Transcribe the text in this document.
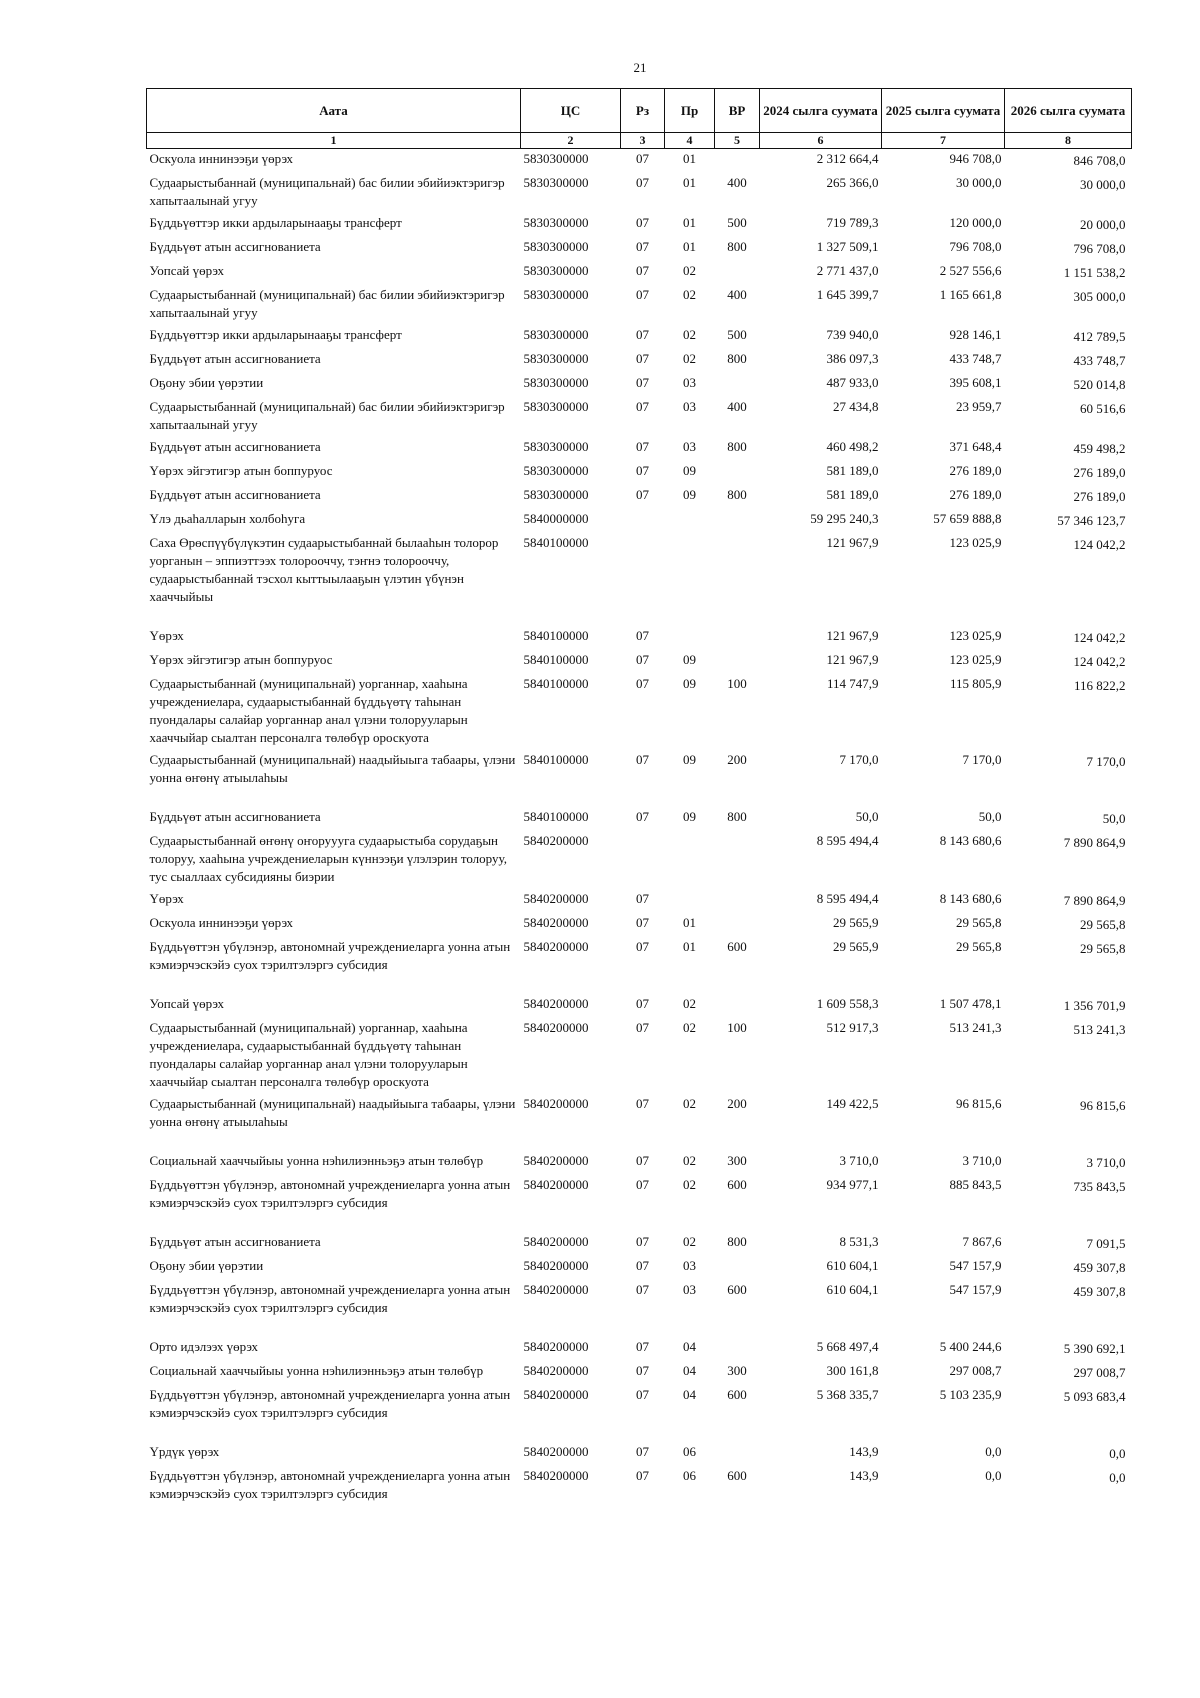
21
Аата	ЦС	Рз	Пр	ВР	2024 сылга суумата	2025 сылга суумата	2026 сылга суумата
1	2	3	4	5	6	7	8
Оскуола иннинээҕи үөрэх	5830300000	07	01		2 312 664,4	946 708,0	846 708,0
Судаарыстыбаннай (муниципальнай) бас билии эбийиэктэригэр хапытаалынай угуу	5830300000	07	01	400	265 366,0	30 000,0	30 000,0
Бүддьүөттэр икки ардыларынааҕы трансферт	5830300000	07	01	500	719 789,3	120 000,0	20 000,0
Бүддьүөт атын ассигнованиета	5830300000	07	01	800	1 327 509,1	796 708,0	796 708,0
Уопсай үөрэх	5830300000	07	02		2 771 437,0	2 527 556,6	1 151 538,2
Судаарыстыбаннай (муниципальнай) бас билии эбийиэктэригэр хапытаалынай угуу	5830300000	07	02	400	1 645 399,7	1 165 661,8	305 000,0
Бүддьүөттэр икки ардыларынааҕы трансферт	5830300000	07	02	500	739 940,0	928 146,1	412 789,5
Бүддьүөт атын ассигнованиета	5830300000	07	02	800	386 097,3	433 748,7	433 748,7
Оҕону эбии үөрэтии	5830300000	07	03		487 933,0	395 608,1	520 014,8
Судаарыстыбаннай (муниципальнай) бас билии эбийиэктэригэр хапытаалынай угуу	5830300000	07	03	400	27 434,8	23 959,7	60 516,6
Бүддьүөт атын ассигнованиета	5830300000	07	03	800	460 498,2	371 648,4	459 498,2
Үөрэх эйгэтигэр атын боппуруос	5830300000	07	09		581 189,0	276 189,0	276 189,0
Бүддьүөт атын ассигнованиета	5830300000	07	09	800	581 189,0	276 189,0	276 189,0
Үлэ дьаһалларын холбоһуга	5840000000				59 295 240,3	57 659 888,8	57 346 123,7
Саха Өрөспүүбүлүкэтин судаарыстыбаннай былааһын толорор уорганын – эппиэттээх толорооччу, тэҥнэ толорооччу, судаарыстыбаннай тэсхол кыттыылааҕын үлэтин үбүнэн хааччыйыы	5840100000				121 967,9	123 025,9	124 042,2
Үөрэх	5840100000	07			121 967,9	123 025,9	124 042,2
Үөрэх эйгэтигэр атын боппуруос	5840100000	07	09		121 967,9	123 025,9	124 042,2
Судаарыстыбаннай (муниципальнай) уорганнар, хааһына учреждениелара, судаарыстыбаннай бүддьүөтү таһынан пуондалары салайар уорганнар анал үлэни толорууларын хааччыйар сыалтан персоналга төлөбүр ороскуота	5840100000	07	09	100	114 747,9	115 805,9	116 822,2
Судаарыстыбаннай (муниципальнай) наадыйыыга табаары, үлэни уонна өҥөнү атыылаһыы	5840100000	07	09	200	7 170,0	7 170,0	7 170,0
Бүддьүөт атын ассигнованиета	5840100000	07	09	800	50,0	50,0	50,0
Судаарыстыбаннай өҥөнү оҥоруууга судаарыстыба сорудаҕын толоруу, хааһына учреждениеларын күннээҕи үлэлэрин толоруу, тус сыаллаах субсидияны биэрии	5840200000				8 595 494,4	8 143 680,6	7 890 864,9
Үөрэх	5840200000	07			8 595 494,4	8 143 680,6	7 890 864,9
Оскуола иннинээҕи үөрэх	5840200000	07	01		29 565,9	29 565,8	29 565,8
Бүддьүөттэн үбүлэнэр, автономнай учреждениеларга уонна атын кэмиэрчэскэйэ суох тэрилтэлэргэ субсидия	5840200000	07	01	600	29 565,9	29 565,8	29 565,8
Уопсай үөрэх	5840200000	07	02		1 609 558,3	1 507 478,1	1 356 701,9
Судаарыстыбаннай (муниципальнай) уорганнар, хааһына учреждениелара, судаарыстыбаннай бүддьүөтү таһынан пуондалары салайар уорганнар анал үлэни толорууларын хааччыйар сыалтан персоналга төлөбүр ороскуота	5840200000	07	02	100	512 917,3	513 241,3	513 241,3
Судаарыстыбаннай (муниципальнай) наадыйыыга табаары, үлэни уонна өҥөнү атыылаһыы	5840200000	07	02	200	149 422,5	96 815,6	96 815,6
Социальнай хааччыйыы уонна нэһилиэнньэҕэ атын төлөбүр	5840200000	07	02	300	3 710,0	3 710,0	3 710,0
Бүддьүөттэн үбүлэнэр, автономнай учреждениеларга уонна атын кэмиэрчэскэйэ суох тэрилтэлэргэ субсидия	5840200000	07	02	600	934 977,1	885 843,5	735 843,5
Бүддьүөт атын ассигнованиета	5840200000	07	02	800	8 531,3	7 867,6	7 091,5
Оҕону эбии үөрэтии	5840200000	07	03		610 604,1	547 157,9	459 307,8
Бүддьүөттэн үбүлэнэр, автономнай учреждениеларга уонна атын кэмиэрчэскэйэ суох тэрилтэлэргэ субсидия	5840200000	07	03	600	610 604,1	547 157,9	459 307,8
Орто идэлээх үөрэх	5840200000	07	04		5 668 497,4	5 400 244,6	5 390 692,1
Социальнай хааччыйыы уонна нэһилиэнньэҕэ атын төлөбүр	5840200000	07	04	300	300 161,8	297 008,7	297 008,7
Бүддьүөттэн үбүлэнэр, автономнай учреждениеларга уонна атын кэмиэрчэскэйэ суох тэрилтэлэргэ субсидия	5840200000	07	04	600	5 368 335,7	5 103 235,9	5 093 683,4
Үрдүк үөрэх	5840200000	07	06		143,9	0,0	0,0
Бүддьүөттэн үбүлэнэр, автономнай учреждениеларга уонна атын кэмиэрчэскэйэ суох тэрилтэлэргэ субсидия	5840200000	07	06	600	143,9	0,0	0,0
